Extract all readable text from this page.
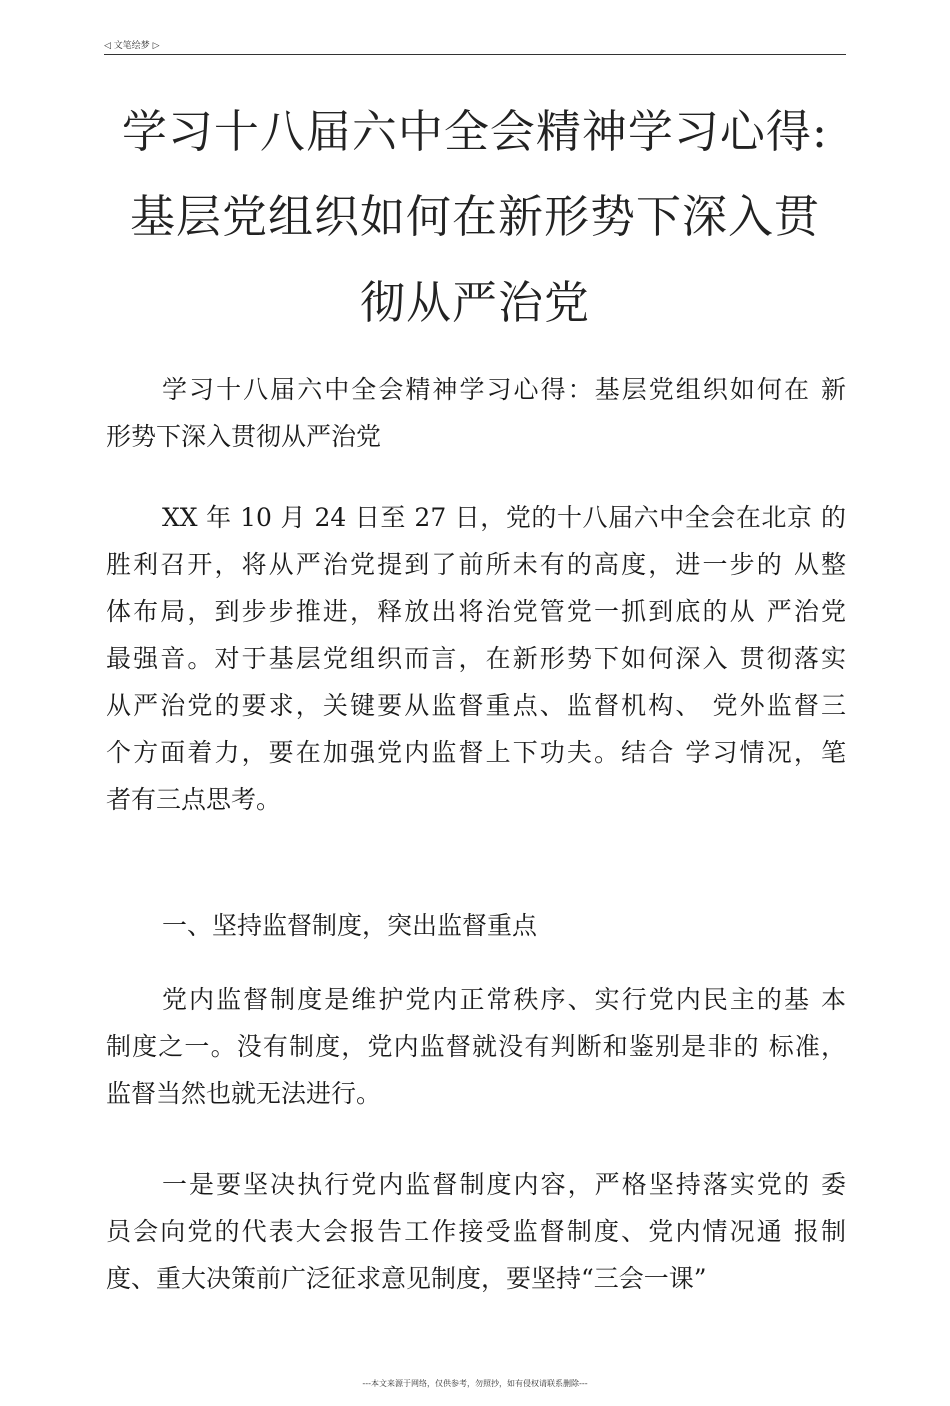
◁ 文笔绘梦 ▷
学习十八届六中全会精神学习心得:
基层党组织如何在新形势下深入贯
彻从严治党
学习十八届六中全会精神学习心得：基层党组织如何在 新
形势下深入贯彻从严治党
XX 年 10 月 24 日至 27 日，党的十八届六中全会在北京 的
胜利召开，将从严治党提到了前所未有的高度，进一步的 从整
体布局，到步步推进，释放出将治党管党一抓到底的从 严治党
最强音。对于基层党组织而言，在新形势下如何深入 贯彻落实
从严治党的要求，关键要从监督重点、监督机构、 党外监督三
个方面着力，要在加强党内监督上下功夫。结合 学习情况，笔
者有三点思考。
一、坚持监督制度，突出监督重点
党内监督制度是维护党内正常秩序、实行党内民主的基 本
制度之一。没有制度，党内监督就没有判断和鉴别是非的 标准，
监督当然也就无法进行。
一是要坚决执行党内监督制度内容，严格坚持落实党的 委
员会向党的代表大会报告工作接受监督制度、党内情况通 报制
度、重大决策前广泛征求意见制度，要坚持“三会一课”
---本文来源于网络，仅供参考，勿照抄，如有侵权请联系删除---
